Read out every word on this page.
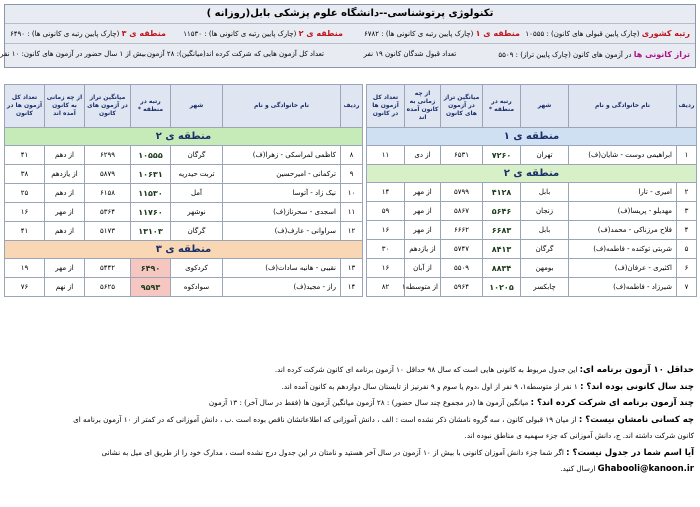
تکنولوژی پرتوشناسی--دانشگاه علوم پزشکی بابل(روزانه )
رتبه کشوری (چارک پایین قبولی های کانون) : ۱۰۵۵۵
منطقه ی ۱ (چارک پایین رتبه ی کانونی ها) : ۶۷۸۲
منطقه ی ۲ (چارک پایین رتبه ی کانونی ها) : ۱۱۵۳۰
منطقه ی ۳ (چارک پایین رتبه ی کانونی ها) : ۶۴۹۰
تراز کانونی ها در آزمون های کانون (چارک پایین تراز) : ۵۵۰۹
تعداد قبول شدگان کانون ۱۹ نفر
تعداد کل آزمون هایی که شرکت کرده اند(میانگین): ۲۸ آزمون
بیش از ۱ سال حضور در آزمون های کانون: ۱۰ نفر
ردیف	نام خانوادگی و نام	شهر	رتبه در منطقه *	میانگین تراز در آزمون های کانون	از چه زمانی به کانون آمده اند	تعداد کل آزمون ها در کانون
منطقه ی ۱						
۱	ابراهیمی دوست - شایان(ف)	تهران	۷۲۶۰	۶۵۳۱	از دی	۱۱
منطقه ی ۲						
۲	امیری - تارا	بابل	۴۱۲۸	۵۷۹۹	از مهر	۱۴
۳	مهدیلو - پریسا(ف)	زنجان	۵۶۴۶	۵۸۶۷	از مهر	۵۹
۴	فلاح مرزناکی - محمد(ف)	بابل	۶۶۸۳	۶۶۶۲	از مهر	۱۶
۵	شربتی توکنده - فاطمه(ف)	گرگان	۸۴۱۳	۵۷۴۷	از یازدهم	۳۰
۶	اکثیری - عرفان(ف)	بومهن	۸۸۳۴	۵۵۰۹	از آبان	۱۶
۷	شیرزاد - فاطمه(ف)	چابکسر	۱۰۲۰۵	۵۹۶۴	از متوسطه۱	۸۲
ردیف	نام خانوادگی و نام	شهر	رتبه در منطقه *	میانگین تراز در آزمون های کانون	از چه زمانی به کانون آمده اند	تعداد کل آزمون ها در کانون
منطقه ی ۲						
۸	کاظمی لمراسکی - زهرا(ف)	گرگان	۱۰۵۵۵	۶۲۹۹	از دهم	۴۱
۹	ترکمانی - امیرحسین	تربت حیدریه	۱۰۶۳۱	۵۸۷۹	از یازدهم	۳۸
۱۰	نیک زاد - آتوسا	آمل	۱۱۵۳۰	۶۱۵۸	از دهم	۲۵
۱۱	اسجدی - سحرناز(ف)	نوشهر	۱۱۷۶۰	۵۳۶۴	از مهر	۱۶
۱۲	سراوانی - عارف(ف)	گرگان	۱۳۱۰۳	۵۱۷۳	از دهم	۴۱
منطقه ی ۳						
۱۳	نقیبی - هانیه سادات(ف)	کردکوی	۶۴۹۰	۵۴۴۲	از مهر	۱۹
۱۴	راز - مجید(ف)	سوادکوه	۹۵۹۳	۵۶۲۵	از نهم	۷۶
حداقل ۱۰ آزمون برنامه ای: این جدول مربوط به کانونی هایی است که سال ۹۸ حداقل ۱۰ آزمون برنامه ای کانون شرکت کرده اند.
چند سال کانونی بوده اند؟ : ۱ نفر از متوسطه۱، ۹ نفر از اول ،دوم یا سوم و ۹ نفرنیز از تابستان سال دوازدهم به کانون آمده اند.
چند آزمون برنامه ای شرکت کرده اند؟ : میانگین آزمون ها (در مجموع چند سال حضور) : ۲۸ آزمون میانگین آزمون ها (فقط در سال آخر) : ۱۳ آزمون
چه کسانی نامشان نیست؟ : از میان ۱۹ قبولی کانون ، سه گروه نامشان ذکر نشده است : الف ، دانش آموزانی که اطلاعاتشان ناقص بوده است .ب ، دانش آموزانی که در کمتر از ۱۰ آزمون برنامه ای
کانون شرکت داشته اند. ج، دانش آموزانی که جزء سهمیه ی مناطق نبوده اند.
آیا اسم شما در جدول نیست؟ : اگر شما جزء دانش آموزان کانونی با بیش از ۱۰ آزمون در سال آخر هستید و نامتان در این جدول درج نشده است ، مدارک خود را از طریق ای میل به نشانی
Ghabooli@kanoon.ir ارسال کنید.
